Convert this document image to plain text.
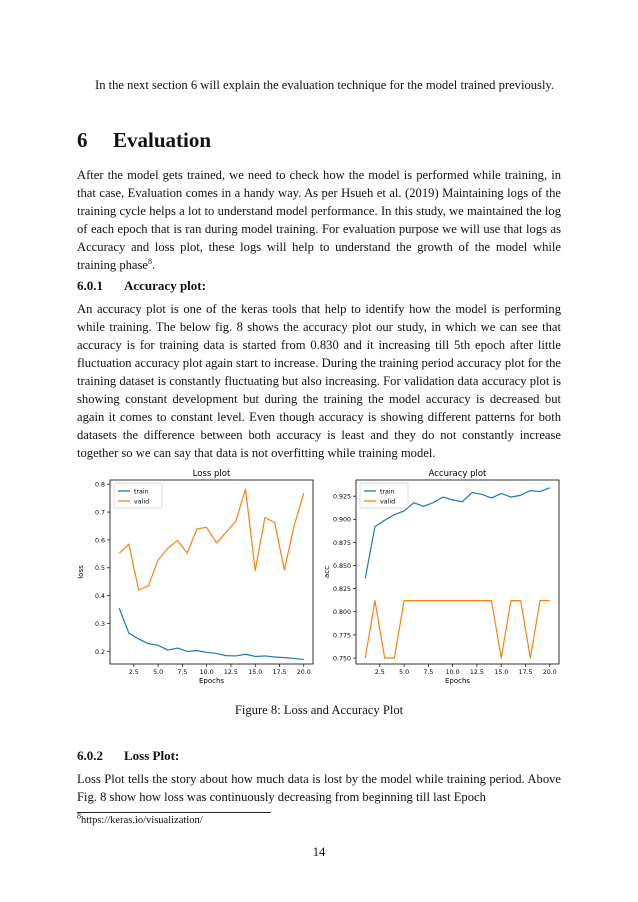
In the next section 6 will explain the evaluation technique for the model trained previously.

6 Evaluation

After the model gets trained, we need to check how the model is performed while training, in that case, Evaluation comes in a handy way. As per Hsueh et al. (2019) Maintaining logs of the training cycle helps a lot to understand model performance. In this study, we maintained the log of each epoch that is ran during model training. For evaluation purpose we will use that logs as Accuracy and loss plot, these logs will help to understand the growth of the model while training phase$^8$.

6.0.1 Accuracy plot:

An accuracy plot is one of the keras tools that help to identify how the model is performing while training. The below fig. 8 shows the accuracy plot our study, in which we can see that accuracy is for training data is started from 0.830 and it increasing till 5th epoch after little fluctuation accuracy plot again start to increase. During the training period accuracy plot for the training dataset is constantly fluctuating but also increasing. For validation data accuracy plot is showing constant development but during the training the model accuracy is decreased but again it comes to constant level. Even though accuracy is showing different patterns for both datasets the difference between both accuracy is least and they do not constantly increase together so we can say that data is not overfitting while training model.

Loss plot
0.2
0.3
0.4
0.5
0.6
0.7
0.8
2.5 5.0 7.5 10.0 12.5 15.0 17.5 20.0
Epochs
loss
train
valid
Accuracy plot
0.750
0.775
0.800
0.825
0.850
0.875
0.900
0.925
2.5 5.0 7.5 10.0 12.5 15.0 17.5 20.0
Epochs
acc
train
valid
Figure 8: Loss and Accuracy Plot
6.0.2 Loss Plot:

Loss Plot tells the story about how much data is lost by the model while training period. Above Fig. 8 show how loss was continuously decreasing from beginning till last Epoch

$^8$https://keras.io/visualization/
14
